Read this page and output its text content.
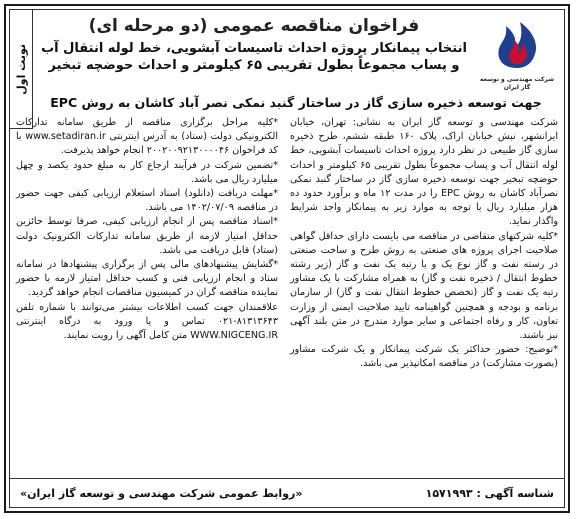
نوبت اول	شرکت مهندسی و توسعه
گاز ایران
فراخوان مناقصه عمومی (دو مرحله ای)
انتخاب پیمانکار پروژه احداث تاسیسات آبشویی، خط لوله انتقال آب و پساب مجموعاً بطول تقریبی ۶۵ کیلومتر و احداث حوضچه تبخیر
جهت توسعه ذخیره سازی گاز در ساختار گنبد نمکی نصر آباد کاشان به روش EPC

شرکت مهندسی و توسعه گاز ایران به نشانی: تهران، خیابان ایرانشهر، نبش خیابان اراک، پلاک ۱۶۰ طبقه ششم، طرح ذخیره سازی گاز طبیعی در نظر دارد پروژه احداث تاسیسات آبشویی، خط لوله انتقال آب و پساب مجموعاً بطول تقریبی ۶۵ کیلومتر و احداث حوضچه تبخیر جهت توسعه ذخیره سازی گاز در ساختار گنبد نمکی نصرآباد کاشان به روش EPC را در مدت ۱۲ ماه و برآورد حدود ده هزار میلیارد ریال با توجه به موارد زیر به پیمانکار واجد شرایط واگذار نماید.

*کلیه شرکتهای متقاضی در مناقصه می بایست دارای حداقل گواهی صلاحیت اجرای پروژه های صنعتی به روش طرح و ساخت صنعتی در رسته نفت و گاز نوع یک و یا رتبه یک نفت و گاز (زیر رشته خطوط انتقال / ذخیره نفت و گاز) به همراه مشارکت با یک مشاور رتبه یک نفت و گاز (تخصص خطوط انتقال نفت و گاز) از سازمان برنامه و بودجه و همچنین گواهینامه تایید صلاحیت ایمنی از وزارت تعاون، کار و رفاه اجتماعی و سایر موارد مندرج در متن بلند آگهی نیز باشند.

*توضیح: حضور حداکثر یک شرکت پیمانکار و یک شرکت مشاور (بصورت مشارکت) در مناقصه امکانپذیر می باشد.

*کلیه مراحل برگزاری مناقصه از طریق سامانه تدارکات الکترونیکی دولت (ستاد) به آدرس اینترنتی www.setadiran.ir با کد فراخوان ۲۰۰۲۰۰۹۲۱۳۰۰۰۰۴۶ انجام خواهد پذیرفت.

*تضمین شرکت در فرآیند ارجاع کار به مبلغ حدود یکصد و چهل میلیارد ریال می باشد.

*مهلت دریافت (دانلود) اسناد استعلام ارزیابی کیفی جهت حضور در مناقصه ۱۴۰۲/۰۷/۰۹ می باشد.

*اسناد مناقصه پس از انجام ارزیابی کیفی، صرفا توسط حائزین حداقل امتیاز لازمه از طریق سامانه تدارکات الکترونیک دولت (ستاد) قابل دریافت می باشد.

*گشایش پیشنهادهای مالی پس از برگزاری پیشنهادها در سامانه ستاد و انجام ارزیابی فنی و کسب حداقل امتیاز لازمه با حضور نماینده مناقصه گران در کمیسیون مناقصات انجام خواهد گردید.

علاقمندان جهت کسب اطلاعات بیشتر می‌توانند با شماره تلفن ۸۱۳۱۳۶۴۳-۰۲۱ تماس و یا ورود به درگاه اینترنتی WWW.NIGCENG.IR متن کامل آگهی را رویت نمایند.

شناسه آگهی : ۱۵۷۱۹۹۳
«روابط عمومی شرکت مهندسی و توسعه گاز ایران»
